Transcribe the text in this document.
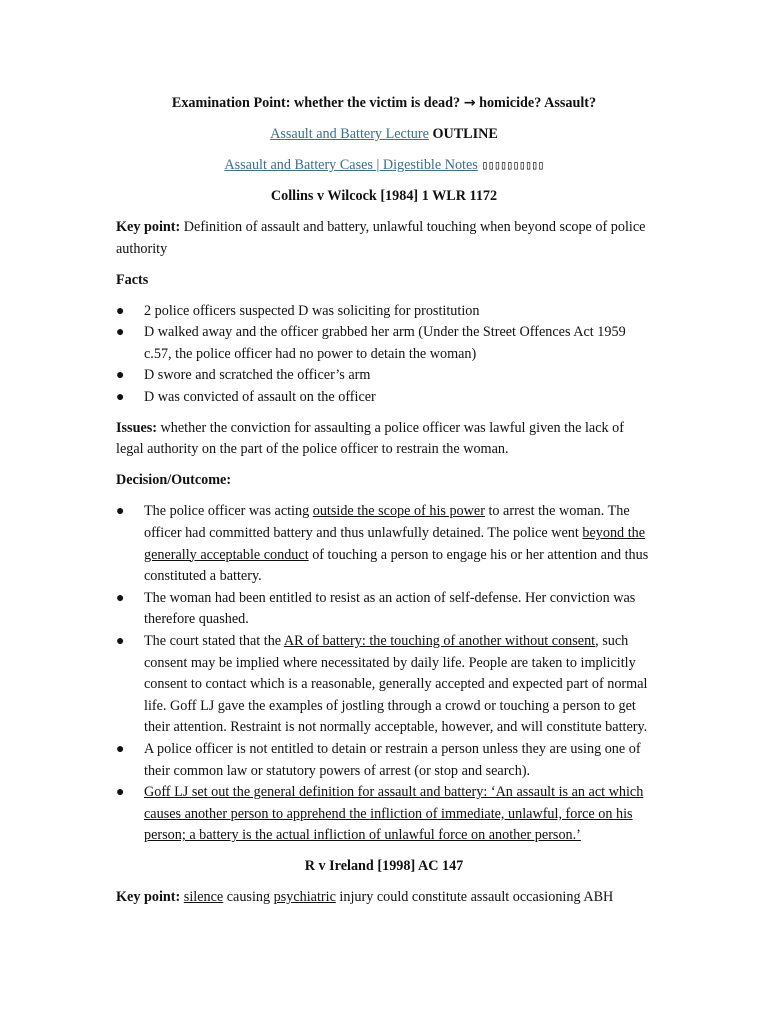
Examination Point: whether the victim is dead? → homicide? Assault?

Assault and Battery Lecture OUTLINE

Assault and Battery Cases | Digestible Notes ▯▯▯▯▯▯▯▯▯▯

Collins v Wilcock [1984] 1 WLR 1172

Key point: Definition of assault and battery, unlawful touching when beyond scope of police authority

Facts

● 2 police officers suspected D was soliciting for prostitution
● D walked away and the officer grabbed her arm (Under the Street Offences Act 1959 c.57, the police officer had no power to detain the woman)
● D swore and scratched the officer’s arm
● D was convicted of assault on the officer

Issues: whether the conviction for assaulting a police officer was lawful given the lack of legal authority on the part of the police officer to restrain the woman.

Decision/Outcome:

● The police officer was acting outside the scope of his power to arrest the woman. The officer had committed battery and thus unlawfully detained. The police went beyond the generally acceptable conduct of touching a person to engage his or her attention and thus constituted a battery.
● The woman had been entitled to resist as an action of self-defense. Her conviction was therefore quashed.
● The court stated that the AR of battery: the touching of another without consent, such consent may be implied where necessitated by daily life. People are taken to implicitly consent to contact which is a reasonable, generally accepted and expected part of normal life. Goff LJ gave the examples of jostling through a crowd or touching a person to get their attention. Restraint is not normally acceptable, however, and will constitute battery.
● A police officer is not entitled to detain or restrain a person unless they are using one of their common law or statutory powers of arrest (or stop and search).
● Goff LJ set out the general definition for assault and battery: ‘An assault is an act which causes another person to apprehend the infliction of immediate, unlawful, force on his person; a battery is the actual infliction of unlawful force on another person.’

R v Ireland [1998] AC 147

Key point: silence causing psychiatric injury could constitute assault occasioning ABH
